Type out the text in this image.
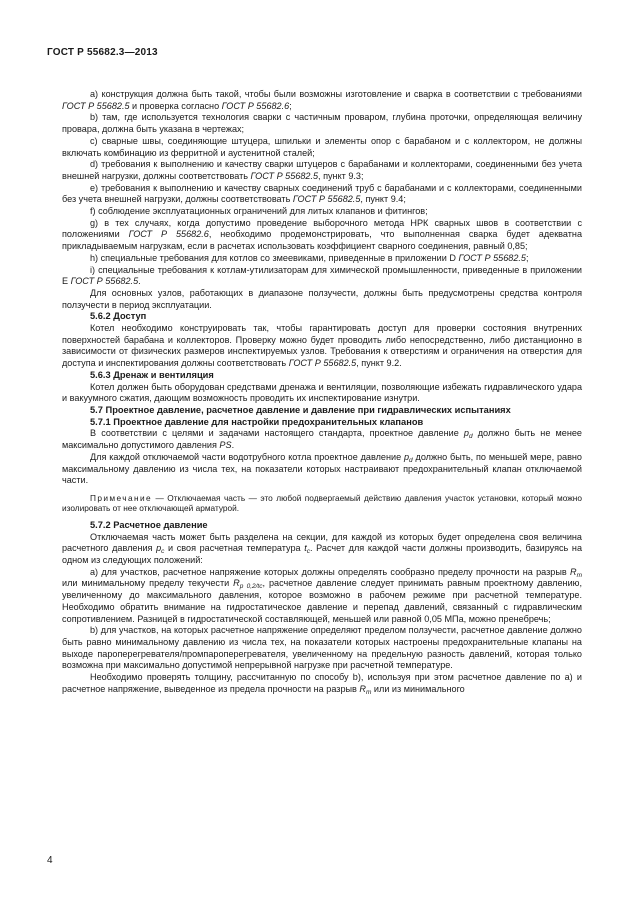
ГОСТ Р 55682.3—2013

а) конструкция должна быть такой, чтобы были возможны изготовление и сварка в соответствии с требованиями ГОСТ Р 55682.5 и проверка согласно ГОСТ Р 55682.6;

b) там, где используется технология сварки с частичным проваром, глубина проточки, определяющая величину провара, должна быть указана в чертежах;

c) сварные швы, соединяющие штуцера, шпильки и элементы опор с барабаном и с коллектором, не должны включать комбинацию из ферритной и аустенитной сталей;

d) требования к выполнению и качеству сварки штуцеров с барабанами и коллекторами, соединенными без учета внешней нагрузки, должны соответствовать ГОСТ Р 55682.5, пункт 9.3;

e) требования к выполнению и качеству сварных соединений труб с барабанами и с коллекторами, соединенными без учета внешней нагрузки, должны соответствовать ГОСТ Р 55682.5, пункт 9.4;

f) соблюдение эксплуатационных ограничений для литых клапанов и фитингов;

g) в тех случаях, когда допустимо проведение выборочного метода НРК сварных швов в соответствии с положениями ГОСТ Р 55682.6, необходимо продемонстрировать, что выполненная сварка будет адекватна прикладываемым нагрузкам, если в расчетах использовать коэффициент сварного соединения, равный 0,85;

h) специальные требования для котлов со змеевиками, приведенные в приложении D ГОСТ Р 55682.5;

i) специальные требования к котлам-утилизаторам для химической промышленности, приведенные в приложении E ГОСТ Р 55682.5.

Для основных узлов, работающих в диапазоне ползучести, должны быть предусмотрены средства контроля ползучести в период эксплуатации.

5.6.2 Доступ

Котел необходимо конструировать так, чтобы гарантировать доступ для проверки состояния внутренних поверхностей барабана и коллекторов. Проверку можно будет проводить либо непосредственно, либо дистанционно в зависимости от физических размеров инспектируемых узлов. Требования к отверстиям и ограничения на отверстия для доступа и инспектирования должны соответствовать ГОСТ Р 55682.5, пункт 9.2.

5.6.3 Дренаж и вентиляция

Котел должен быть оборудован средствами дренажа и вентиляции, позволяющие избежать гидравлического удара и вакуумного сжатия, дающим возможность проводить их инспектирование изнутри.

5.7 Проектное давление, расчетное давление и давление при гидравлических испытаниях

5.7.1 Проектное давление для настройки предохранительных клапанов

В соответствии с целями и задачами настоящего стандарта, проектное давление $p_d$ должно быть не менее максимально допустимого давления PS.

Для каждой отключаемой части водотрубного котла проектное давление $p_d$ должно быть, по меньшей мере, равно максимальному давлению из числа тех, на показатели которых настраивают предохранительный клапан отключаемой части.

Примечание — Отключаемая часть — это любой подвергаемый действию давления участок установки, который можно изолировать от нее отключающей арматурой.

5.7.2 Расчетное давление

Отключаемая часть может быть разделена на секции, для каждой из которых будет определена своя величина расчетного давления $p_c$ и своя расчетная температура $t_c$. Расчет для каждой части должны производить, базируясь на одном из следующих положений:

a) для участков, расчетное напряжение которых должны определять сообразно пределу прочности на разрыв $R_m$ или минимальному пределу текучести $R_{p 0,2/tc}$, расчетное давление следует принимать равным проектному давлению, увеличенному до максимального давления, которое возможно в рабочем режиме при расчетной температуре. Необходимо обратить внимание на гидростатическое давление и перепад давлений, связанный с гидравлическим сопротивлением. Разницей в гидростатической составляющей, меньшей или равной 0,05 МПа, можно пренебречь;

b) для участков, на которых расчетное напряжение определяют пределом ползучести, расчетное давление должно быть равно минимальному давлению из числа тех, на показатели которых настроены предохранительные клапаны на выходе пароперегревателя/промпароперегревателя, увеличенному на предельную разность давлений, которая только возможна при максимально допустимой непрерывной нагрузке при расчетной температуре.

Необходимо проверять толщину, рассчитанную по способу b), используя при этом расчетное давление по a) и расчетное напряжение, выведенное из предела прочности на разрыв $R_m$ или из минимального

4
